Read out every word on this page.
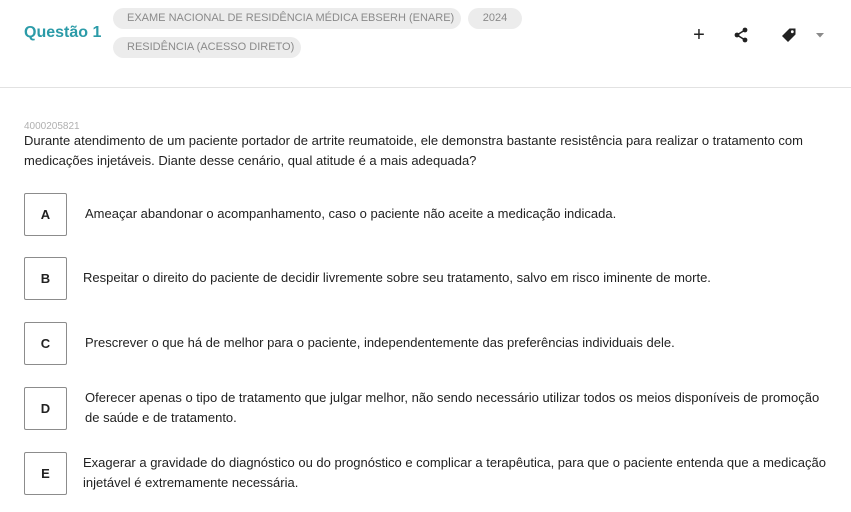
Questão 1
EXAME NACIONAL DE RESIDÊNCIA MÉDICA EBSERH (ENARE)	2024
RESIDÊNCIA (ACESSO DIRETO)
+
4000205821
Durante atendimento de um paciente portador de artrite reumatoide, ele demonstra bastante resistência para realizar o tratamento com medicações injetáveis. Diante desse cenário, qual atitude é a mais adequada?
A	Ameaçar abandonar o acompanhamento, caso o paciente não aceite a medicação indicada.
B	Respeitar o direito do paciente de decidir livremente sobre seu tratamento, salvo em risco iminente de morte.
C	Prescrever o que há de melhor para o paciente, independentemente das preferências individuais dele.
D
Oferecer apenas o tipo de tratamento que julgar melhor, não sendo necessário utilizar todos os meios disponíveis de promoção de saúde e de tratamento.
E
Exagerar a gravidade do diagnóstico ou do prognóstico e complicar a terapêutica, para que o paciente entenda que a medicação injetável é extremamente necessária.
